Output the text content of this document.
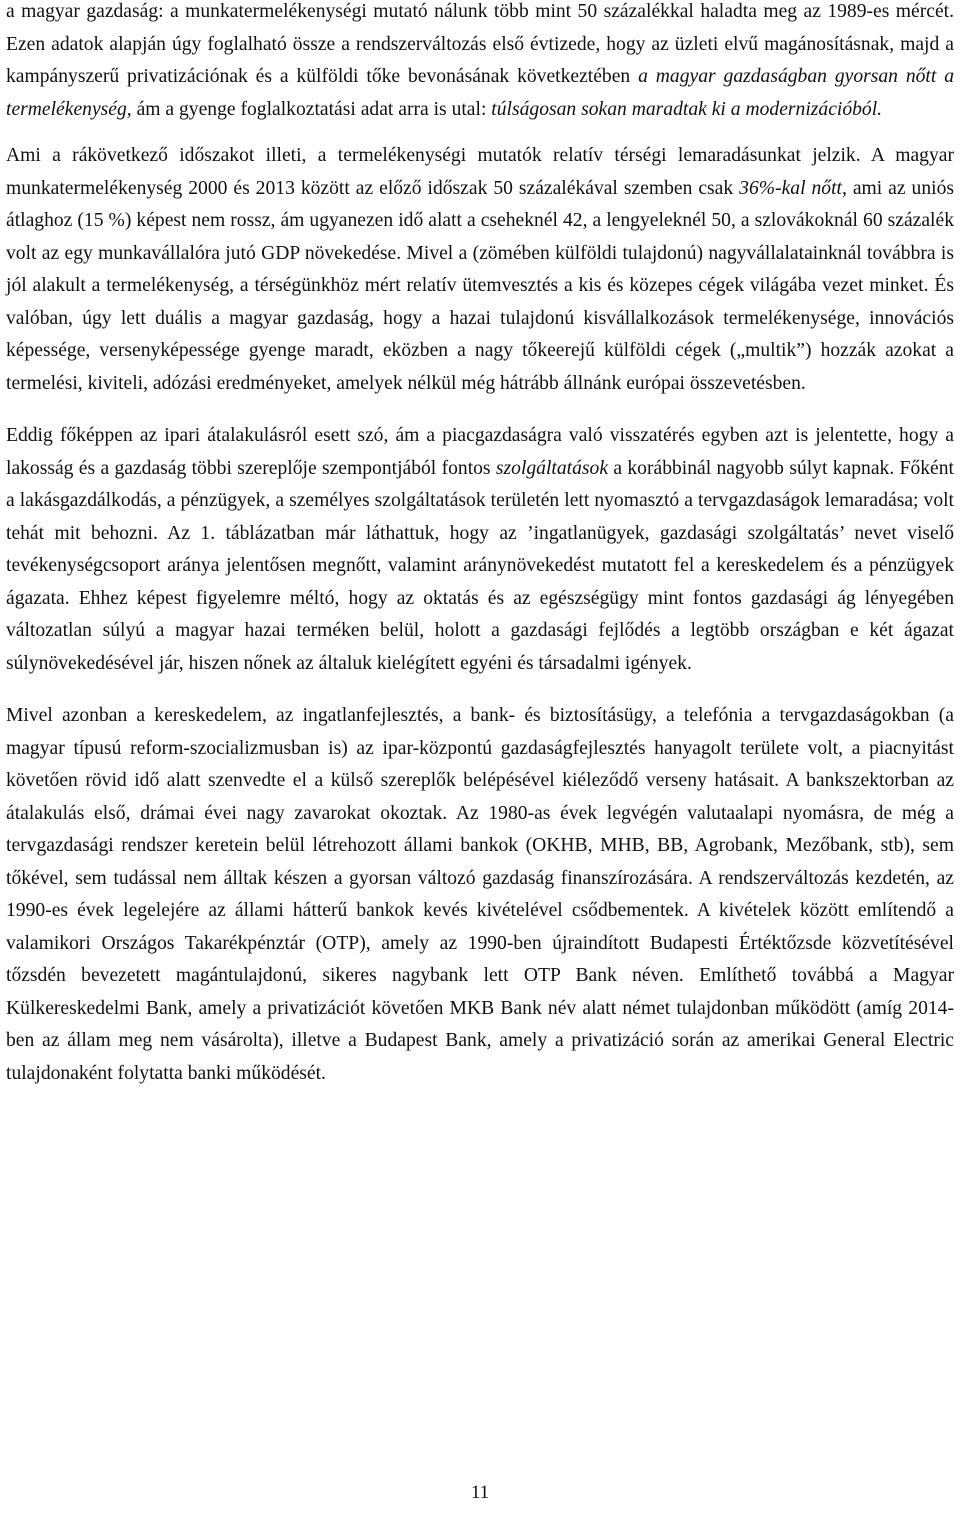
a magyar gazdaság: a munkatermelékenységi mutató nálunk több mint 50 százalékkal haladta meg az 1989-es mércét. Ezen adatok alapján úgy foglalható össze a rendszerváltozás első évtizede, hogy az üzleti elvű magánosításnak, majd a kampányszerű privatizációnak és a külföldi tőke bevonásának következtében a magyar gazdaságban gyorsan nőtt a termelékenység, ám a gyenge foglalkoztatási adat arra is utal: túlságosan sokan maradtak ki a modernizációból.

Ami a rákövetkező időszakot illeti, a termelékenységi mutatók relatív térségi lemaradásunkat jelzik. A magyar munkatermelékenység 2000 és 2013 között az előző időszak 50 százalékával szemben csak 36%-kal nőtt, ami az uniós átlaghoz (15 %) képest nem rossz, ám ugyanezen idő alatt a cseheknél 42, a lengyeleknél 50, a szlovákoknál 60 százalék volt az egy munkavállalóra jutó GDP növekedése. Mivel a (zömében külföldi tulajdonú) nagyvállalatainknál továbbra is jól alakult a termelékenység, a térségünkhöz mért relatív ütemvesztés a kis és közepes cégek világába vezet minket. És valóban, úgy lett duális a magyar gazdaság, hogy a hazai tulajdonú kisvállalkozások termelékenysége, innovációs képessége, versenyképessége gyenge maradt, eközben a nagy tőkeerejű külföldi cégek („multik”) hozzák azokat a termelési, kiviteli, adózási eredményeket, amelyek nélkül még hátrább állnánk európai összevetésben.

Eddig főképpen az ipari átalakulásról esett szó, ám a piacgazdaságra való visszatérés egyben azt is jelentette, hogy a lakosság és a gazdaság többi szereplője szempontjából fontos szolgáltatások a korábbinál nagyobb súlyt kapnak. Főként a lakásgazdálkodás, a pénzügyek, a személyes szolgáltatások területén lett nyomasztó a tervgazdaságok lemaradása; volt tehát mit behozni. Az 1. táblázatban már láthattuk, hogy az ’ingatlanügyek, gazdasági szolgáltatás’ nevet viselő tevékenységcsoport aránya jelentősen megnőtt, valamint aránynövekedést mutatott fel a kereskedelem és a pénzügyek ágazata. Ehhez képest figyelemre méltó, hogy az oktatás és az egészségügy mint fontos gazdasági ág lényegében változatlan súlyú a magyar hazai terméken belül, holott a gazdasági fejlődés a legtöbb országban e két ágazat súlynövekedésével jár, hiszen nőnek az általuk kielégített egyéni és társadalmi igények.

Mivel azonban a kereskedelem, az ingatlanfejlesztés, a bank- és biztosításügy, a telefónia a tervgazdaságokban (a magyar típusú reform-szocializmusban is) az ipar-központú gazdaságfejlesztés hanyagolt területe volt, a piacnyitást követően rövid idő alatt szenvedte el a külső szereplők belépésével kiéleződő verseny hatásait. A bankszektorban az átalakulás első, drámai évei nagy zavarokat okoztak. Az 1980-as évek legvégén valutaalapi nyomásra, de még a tervgazdasági rendszer keretein belül létrehozott állami bankok (OKHB, MHB, BB, Agrobank, Mezőbank, stb), sem tőkével, sem tudással nem álltak készen a gyorsan változó gazdaság finanszírozására. A rendszerváltozás kezdetén, az 1990-es évek legelejére az állami hátterű bankok kevés kivételével csődbementek. A kivételek között említendő a valamikori Országos Takarékpénztár (OTP), amely az 1990-ben újraindított Budapesti Értéktőzsde közvetítésével tőzsdén bevezetett magántulajdonú, sikeres nagybank lett OTP Bank néven. Említhető továbbá a Magyar Külkereskedelmi Bank, amely a privatizációt követően MKB Bank név alatt német tulajdonban működött (amíg 2014-ben az állam meg nem vásárolta), illetve a Budapest Bank, amely a privatizáció során az amerikai General Electric tulajdonaként folytatta banki működését.

11
